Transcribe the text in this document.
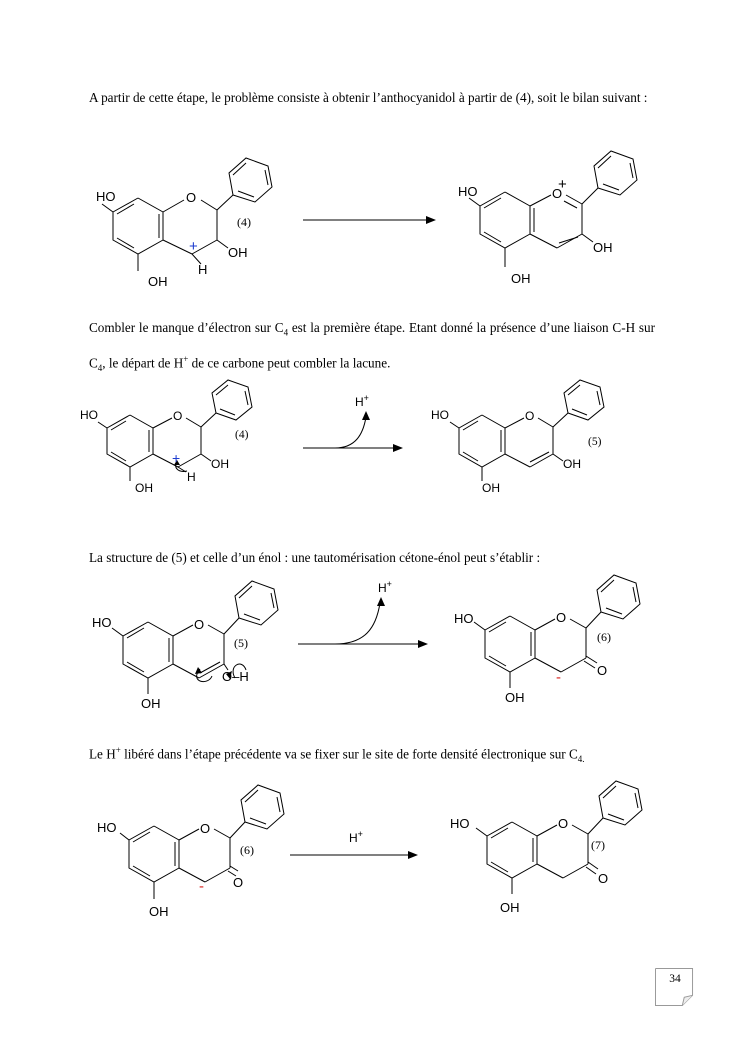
A partir de cette étape, le problème consiste à obtenir l’anthocyanidol à partir de (4), soit le bilan suivant :
HO	O
OH
H
OH
+
(4)
HO	O
+
OH
OH
Combler le manque d’électron sur $C_4$ est la première étape. Etant donné la présence d’une liaison C-H sur $C_4$, le départ de H+ de ce carbone peut combler la lacune.
HO	O
OH
H
OH
+
(4)
H+
HO	O
OH
OH
(5)
La structure de (5) et celle d’un énol : une tautomérisation cétone-énol peut s’établir :
HO	O
O–H
OH
(5)
H+
HO	O
O
OH
-
(6)
Le H+ libéré dans l’étape précédente va se fixer sur le site de forte densité électronique sur $C_{4.}$
HO	O
O
OH
-
(6)
H+
HO	O
O
OH
(7)
34
